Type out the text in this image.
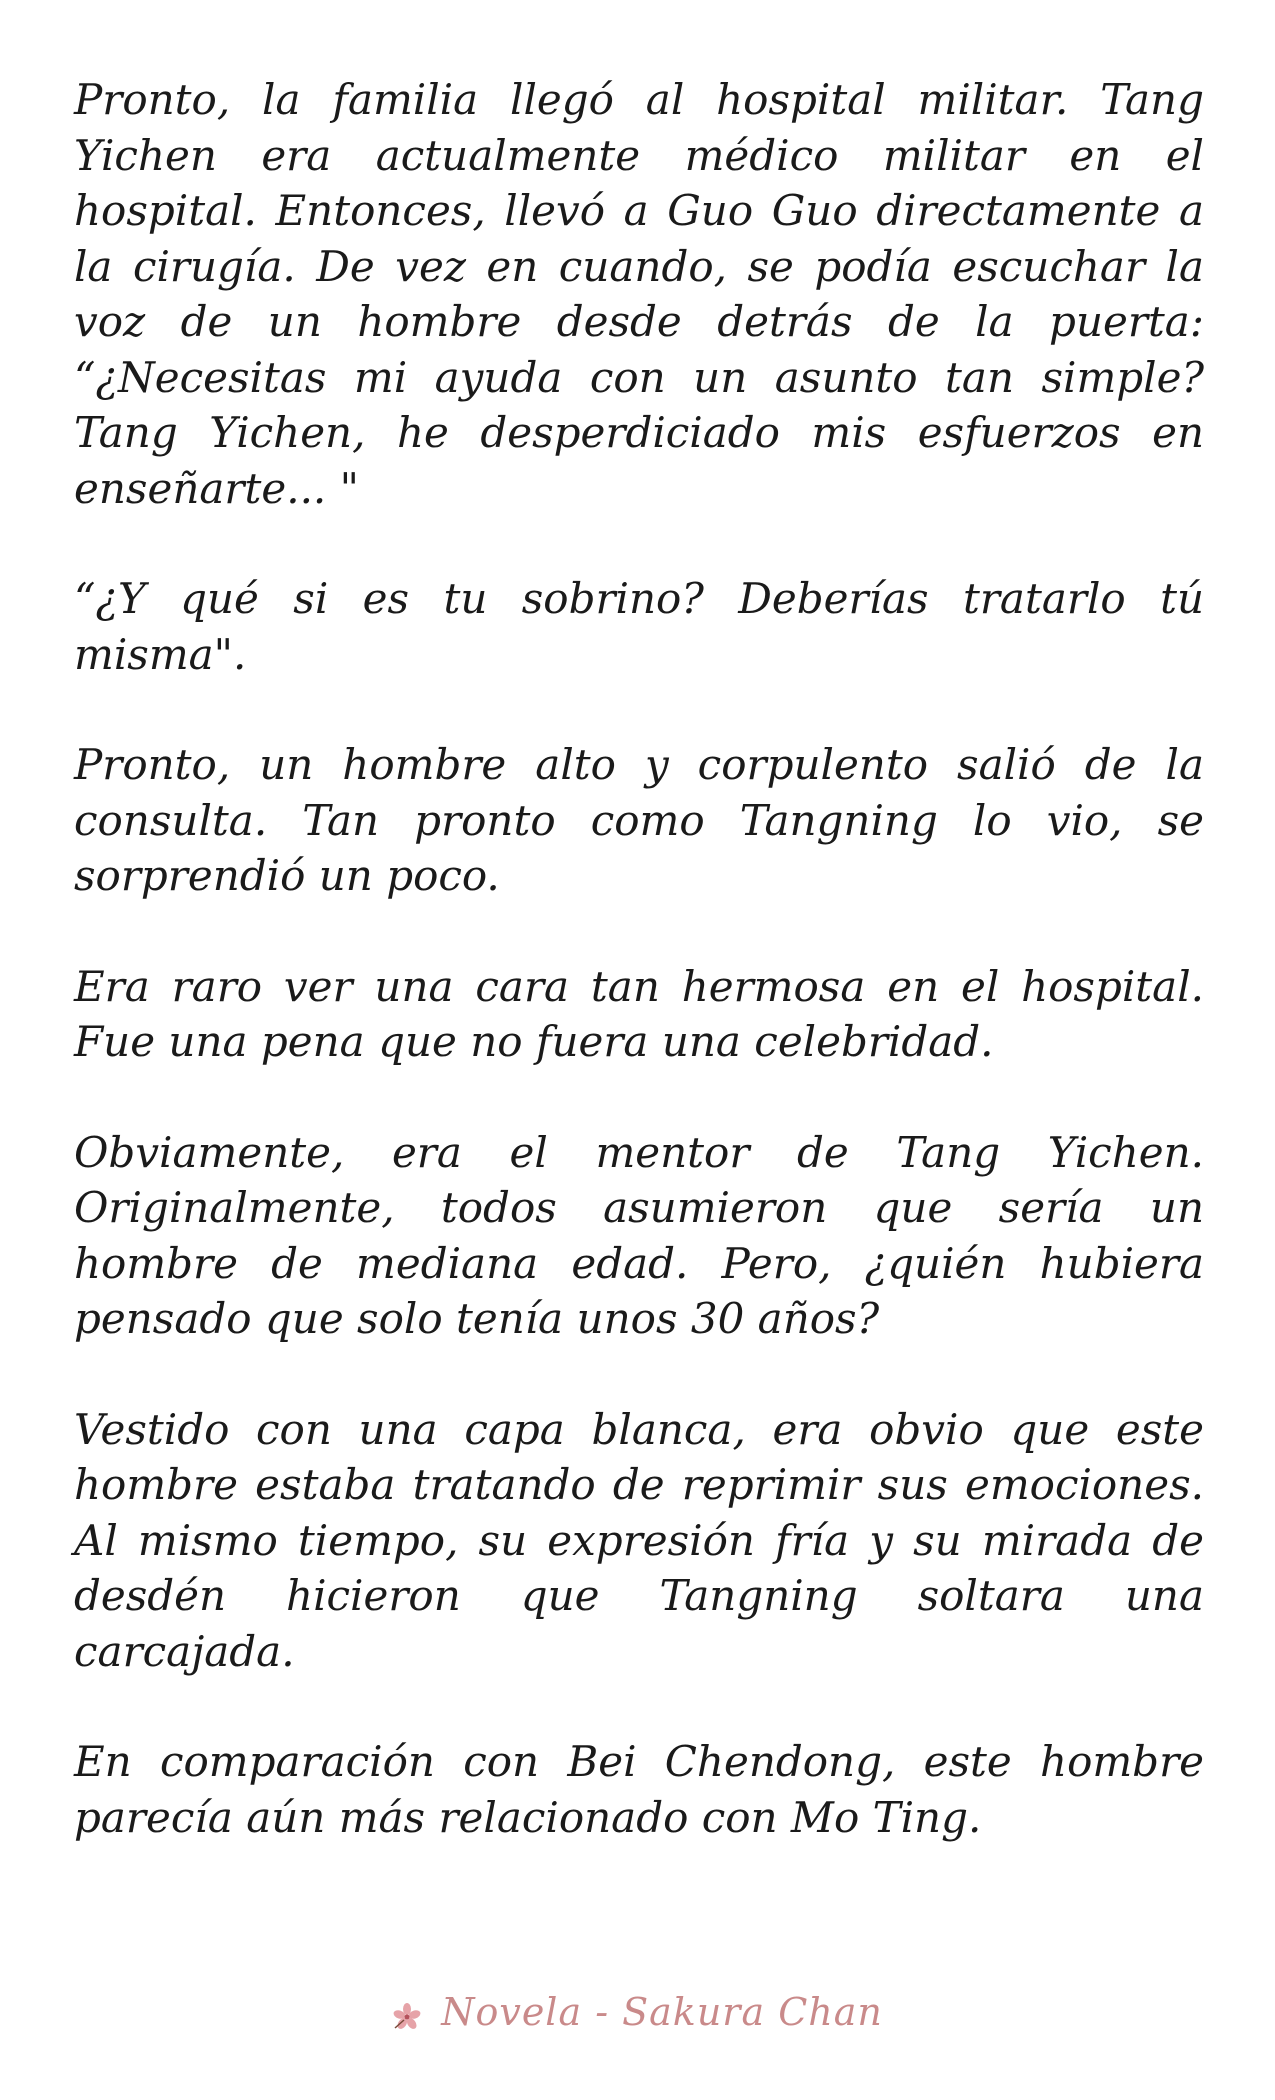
Pronto, la familia llegó al hospital militar. Tang Yichen era actualmente médico militar en el hospital. Entonces, llevó a Guo Guo directamente a la cirugía. De vez en cuando, se podía escuchar la voz de un hombre desde detrás de la puerta: “¿Necesitas mi ayuda con un asunto tan simple? Tang Yichen, he desperdiciado mis esfuerzos en enseñarte... "

“¿Y qué si es tu sobrino? Deberías tratarlo tú misma".

Pronto, un hombre alto y corpulento salió de la consulta. Tan pronto como Tangning lo vio, se sorprendió un poco.

Era raro ver una cara tan hermosa en el hospital. Fue una pena que no fuera una celebridad.

Obviamente, era el mentor de Tang Yichen. Originalmente, todos asumieron que sería un hombre de mediana edad. Pero, ¿quién hubiera pensado que solo tenía unos 30 años?

Vestido con una capa blanca, era obvio que este hombre estaba tratando de reprimir sus emociones. Al mismo tiempo, su expresión fría y su mirada de desdén hicieron que Tangning soltara una carcajada.

En comparación con Bei Chendong, este hombre parecía aún más relacionado con Mo Ting.

Novela - Sakura Chan
